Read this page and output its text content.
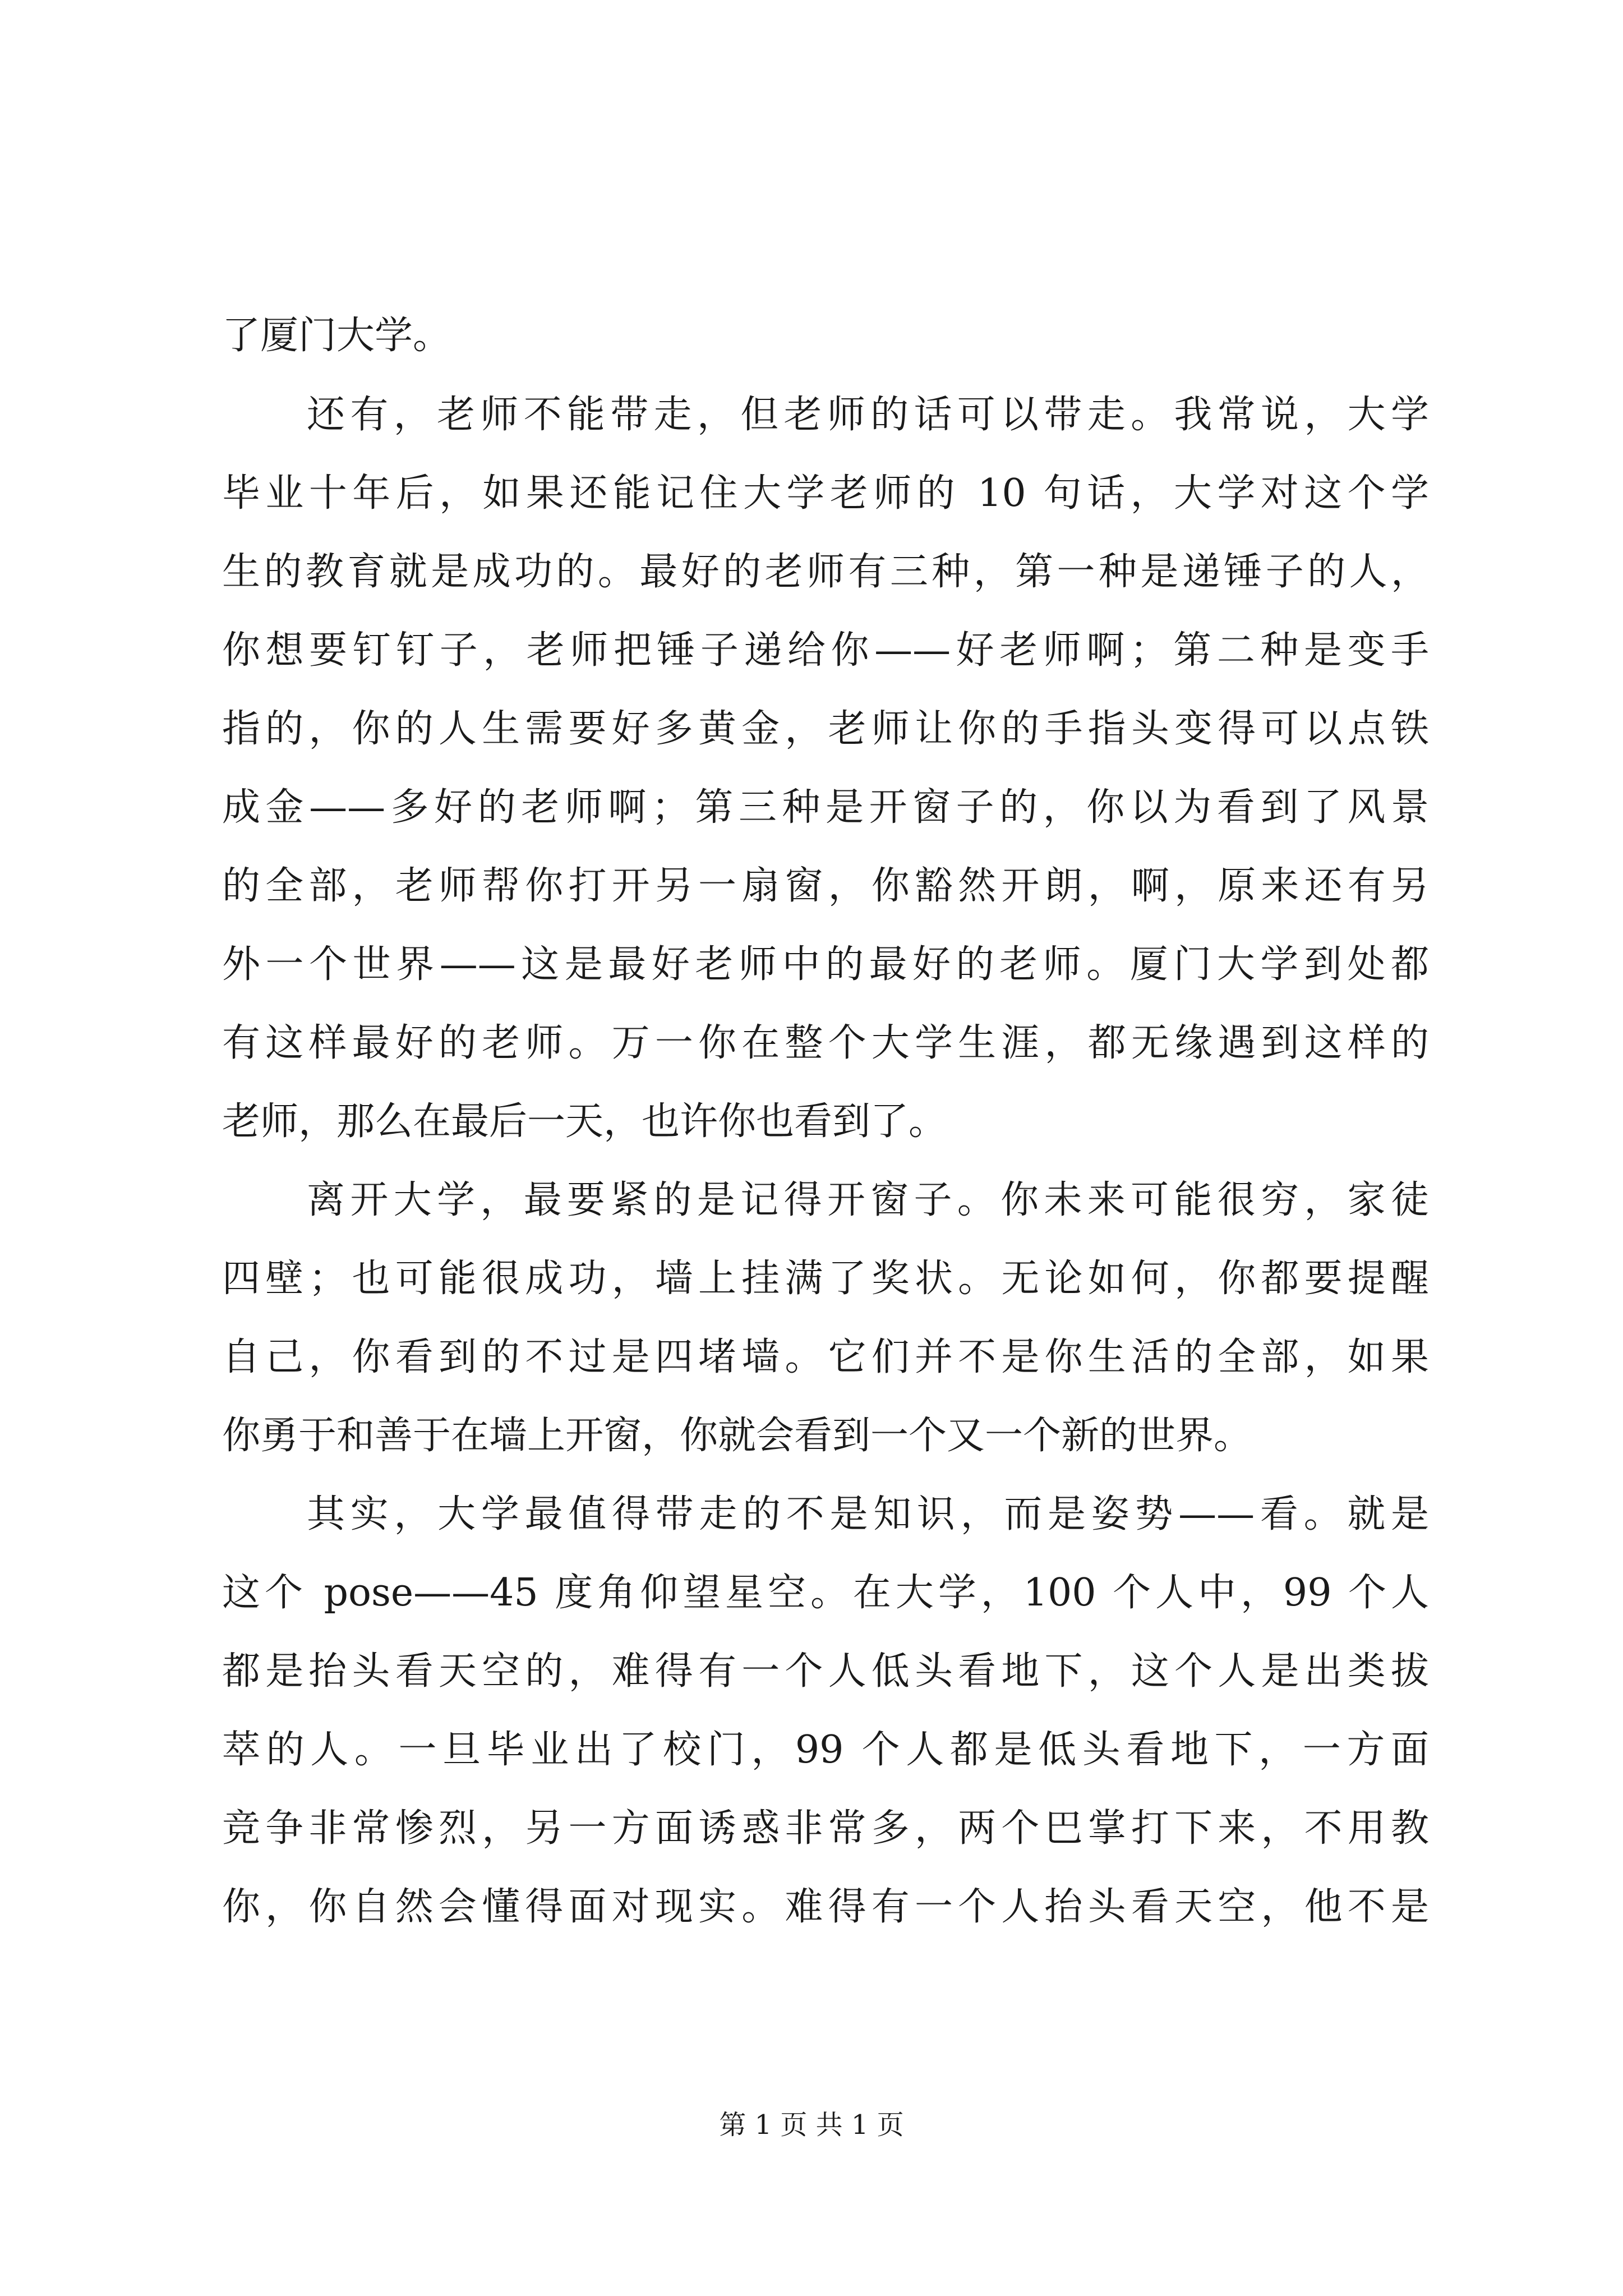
了厦门大学。
还有，老师不能带走，但老师的话可以带走。我常说，大学
毕业十年后，如果还能记住大学老师的 10 句话，大学对这个学
生的教育就是成功的。最好的老师有三种，第一种是递锤子的人，
你想要钉钉子，老师把锤子递给你——好老师啊；第二种是变手
指的，你的人生需要好多黄金，老师让你的手指头变得可以点铁
成金——多好的老师啊；第三种是开窗子的，你以为看到了风景
的全部，老师帮你打开另一扇窗，你豁然开朗，啊，原来还有另
外一个世界——这是最好老师中的最好的老师。厦门大学到处都
有这样最好的老师。万一你在整个大学生涯，都无缘遇到这样的
老师，那么在最后一天，也许你也看到了。
离开大学，最要紧的是记得开窗子。你未来可能很穷，家徒
四壁；也可能很成功，墙上挂满了奖状。无论如何，你都要提醒
自己，你看到的不过是四堵墙。它们并不是你生活的全部，如果
你勇于和善于在墙上开窗，你就会看到一个又一个新的世界。
其实，大学最值得带走的不是知识，而是姿势——看。就是
这个 pose——45 度角仰望星空。在大学，100 个人中，99 个人
都是抬头看天空的，难得有一个人低头看地下，这个人是出类拔
萃的人。一旦毕业出了校门，99 个人都是低头看地下，一方面
竞争非常惨烈，另一方面诱惑非常多，两个巴掌打下来，不用教
你，你自然会懂得面对现实。难得有一个人抬头看天空，他不是
第 1 页 共 1 页
